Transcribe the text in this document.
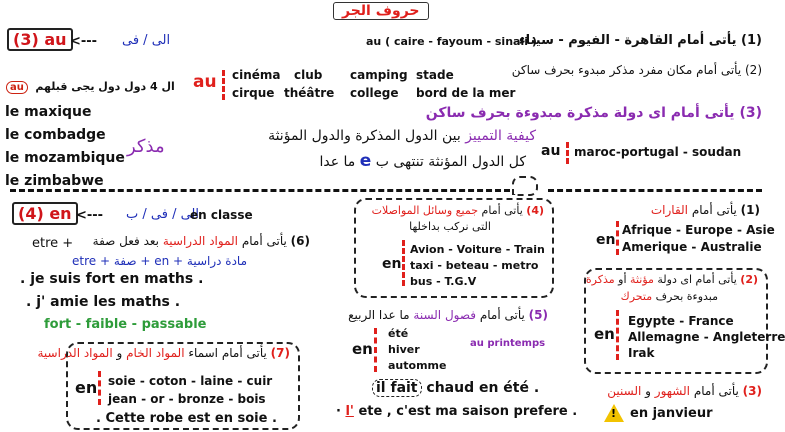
حروف الجر
(3) au <--- الى / فى	au ( caire - fayoum - sinaii )
(1) يأتى أمام القاهرة - الفيوم - سيناء
(2) يأتى أمام مكان مفرد مذكر مبدوء بحرف ساكن
(3) يأتى أمام اى دولة مذكرة مبدوءة بحرف ساكن
au ال 4 دول دول يجى قبلهم
le maxique
le combadge
le mozambique
le zimbabwe
مذكر
au cinéma club camping stade
cirque théâtre college bord de la mer
كيفية التمييز بين الدول المذكرة والدول المؤنثة
كل الدول المؤنثة تنتهى ب e ما عدا
au maroc-portugal - soudan
(4) en <--- الى / فى / ب
en classe
(6) يأتى أمام المواد الدراسية بعد فعل صفة
etre +
etre + صفة + en + مادة دراسية
. je suis fort en maths .
. j' amie les maths .
fort - faible - passable
(7) يأتى أمام اسماء المواد الخام و المواد الدراسية
en soie - coton - laine - cuir
jean - or - bronze - bois
. Cette robe est en soie .
(4) يأتى أمام جميع وسائل المواصلات
التى نركب بداخلها
en
Avion - Voiture - Train
taxi - beteau - metro
bus - T.G.V
(5) يأتى أمام فصول السنة ما عدا الربيع
en
été
hiver
automme
au printemps
il fait chaud en été .
· l' ete , c'est ma saison prefere .
(1) يأتى أمام القارات
en
Afrique - Europe - Asie
Amerique - Australie
(2) يأتى أمام اى دولة مؤنثة أو مذكرة
مبدوءة بحرف متحرك
en
Egypte - France
Allemagne - Angleterre
Irak
(3) يأتى أمام الشهور و السنين
! en janvieur
